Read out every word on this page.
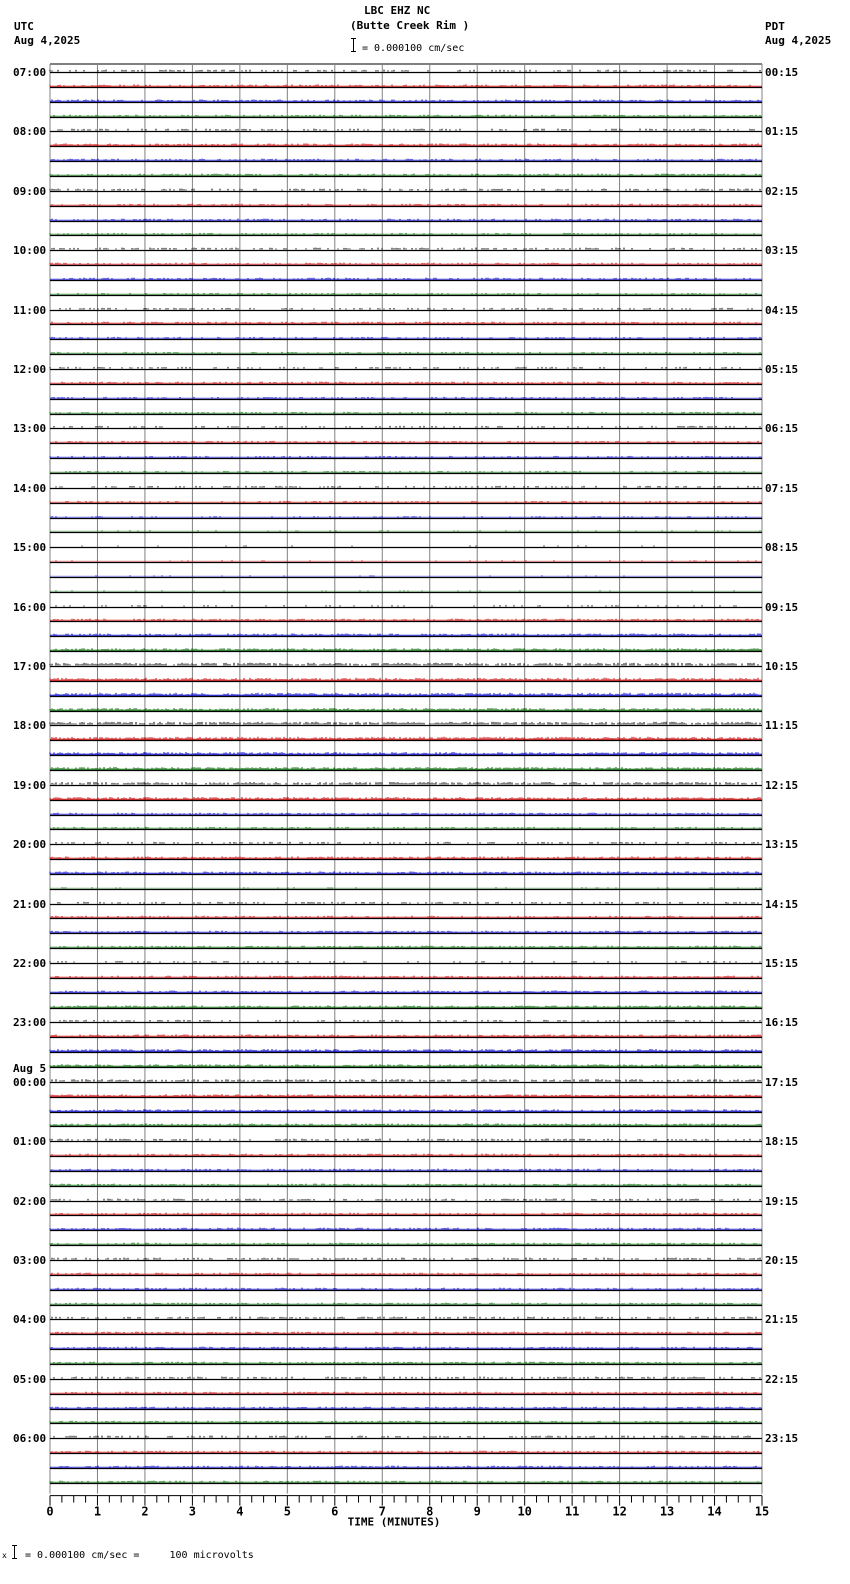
LBC EHZ NC
(Butte Creek Rim )
= 0.000100 cm/sec
UTC
Aug 4,2025
PDT
Aug 4,2025
0	1	2	3	4	5	6	7	8	9	10	11	12	13	14	15
TIME (MINUTES)
07:00	00:15
08:00	01:15
09:00	02:15
10:00	03:15
11:00	04:15
12:00	05:15
13:00	06:15
14:00	07:15
15:00	08:15
16:00	09:15
17:00	10:15
18:00	11:15
19:00	12:15
20:00	13:15
21:00	14:15
22:00	15:15
23:00	16:15
00:00	17:15
Aug 5
01:00	18:15
02:00	19:15
03:00	20:15
04:00	21:15
05:00	22:15
06:00	23:15
x = 0.000100 cm/sec =     100 microvolts
